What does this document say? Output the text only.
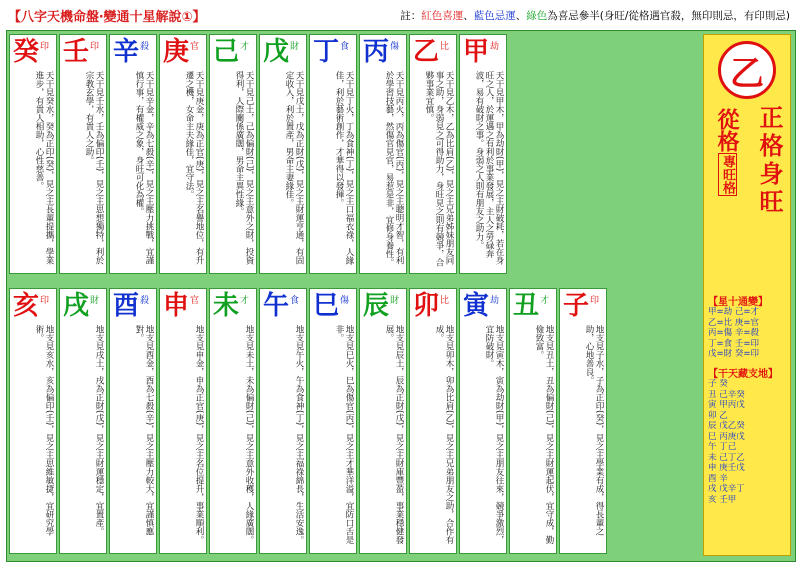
【八字天機命盤‧變通十星解說①】	註：紅色喜運、藍色忌運、綠色為喜忌參半(身旺/從格遇官殺，無印則忌，有印則忌)
癸 印
天干見癸水，癸為正印(癸)，見之主長輩提攜，學業進步，有貴人相助，心性慈善。
壬 印
天干見壬水，壬為偏印(壬)，見之主思想獨特，利於宗教玄學，有貴人之助。
辛 殺
天干見辛金，辛為七殺(辛)，見之主壓力挑戰，宜謹慎行事，有權威之象，身旺可化為權。
庚 官
天干見庚金，庚為正官(庚)，見之主名譽地位，有升遷之機，女命主夫緣佳，宜守法。
己 才
天干見己土，己為偏財(己)，見之主意外之財，投資得利，人際關係廣闊，男命主異性緣。
戊 財
天干見戊土，戊為正財(戊)，見之主財運亨通，有固定收入，利於置產，男命主妻緣佳。
丁 食
天干見丁火，丁為食神(丁)，見之主口福衣祿，人緣佳，利於藝術創作，才華得以發揮。
丙 傷
天干見丙火，丙為傷官(丙)，見之主聰明才智，有利於學習技藝，然傷官見官，易惹是非，宜修身養性。
乙 比
天干見乙木，乙為比肩(乙)，見之主兄弟姊妹朋友同事之助，身弱見之可得助力，身旺見之則有競爭，合夥事業宜慎。
甲 劫
天干見甲木，甲為劫財(甲)，見之主財破耗，若在身旺之人，於運遇之有利於事業發展，主人之勞碌奔波，易有破財之事。身弱之人則有朋友之助力。
亥 印
地支見亥水，亥為偏印(壬)，見之主思維敏捷，宜研究學術。
戌 財
地支見戌土，戌為正財(戊)，見之主財運穩定，宜置產。
酉 殺
地支見酉金，酉為七殺(辛)，見之主壓力較大，宜謹慎應對。
申 官
地支見申金，申為正官(庚)，見之主名位提升，事業順利。
未 才
地支見未土，未為偏財(己)，見之主意外收穫，人緣廣闊。
午 食
地支見午火，午為食神(丁)，見之主福祿綿長，生活安逸。
巳 傷
地支見巳火，巳為傷官(丙)，見之主才華洋溢，宜防口舌是非。
辰 財
地支見辰土，辰為正財(戊)，見之主財庫豐盈，事業穩健發展。
卯 比
地支見卯木，卯為比肩(乙)，見之主兄弟朋友之助，合作有成。
寅 劫
地支見寅木，寅為劫財(甲)，見之主朋友往來，競爭激烈，宜防破財。
丑 才
地支見丑土，丑為偏財(己)，見之主財運起伏，宜守成，勤儉致富。
子 印
地支見子水，子為正印(癸)，見之主學業有成，得長輩之助，心地善良。
乙
正格身旺
從格專旺格
【星十通變】
甲=劫 己=才
乙=比 庚=官
丙=傷 辛=殺
丁=食 壬=印
戊=財 癸=印
【干天藏支地】
子 癸
丑 己辛癸
寅 甲丙戊
卯 乙
辰 戊乙癸
巳 丙庚戊
午 丁己
未 己丁乙
申 庚壬戊
酉 辛
戌 戊辛丁
亥 壬甲
